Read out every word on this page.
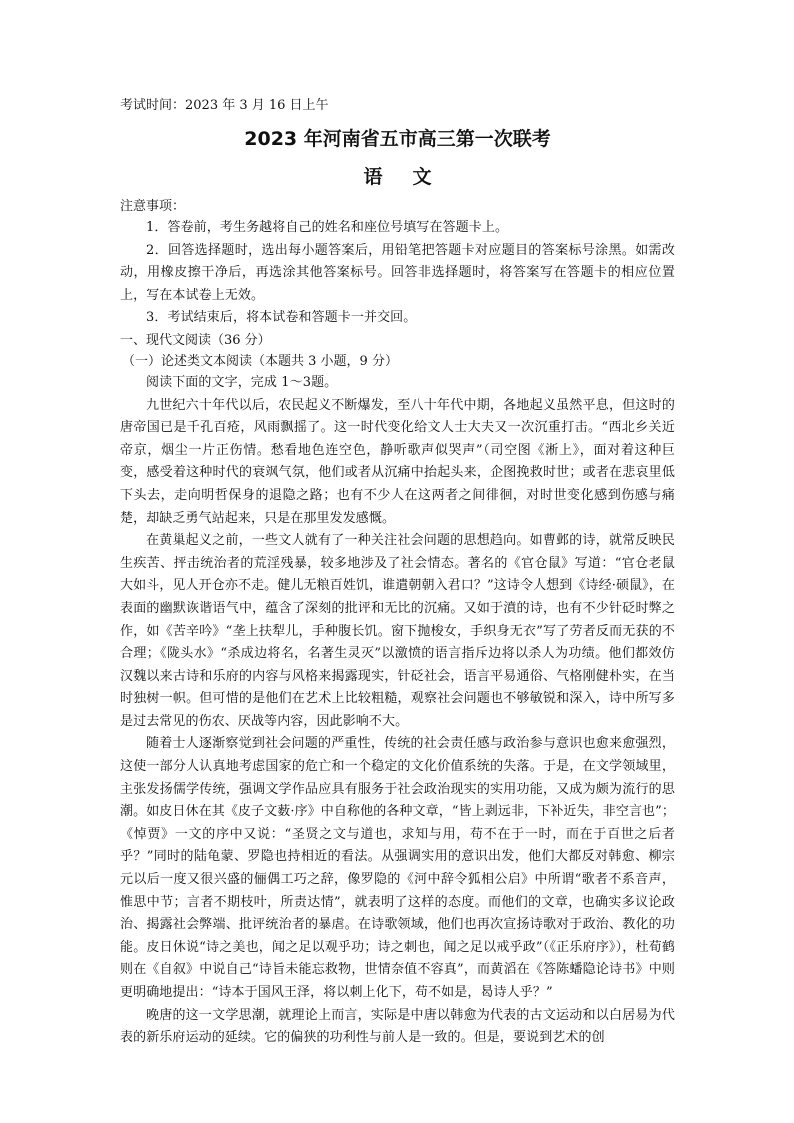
考试时间：2023 年 3 月 16 日上午

2023 年河南省五市高三第一次联考
语文

注意事项：

1．答卷前，考生务越将自己的姓名和座位号填写在答题卡上。

2．回答选择题时，选出每小题答案后，用铅笔把答题卡对应题目的答案标号涂黑。如需改动，用橡皮擦干净后，再选涂其他答案标号。回答非选择题时，将答案写在答题卡的相应位置上，写在本试卷上无效。

3．考试结束后，将本试卷和答题卡一并交回。

一、现代文阅读（36 分）

（一）论述类文本阅读（本题共 3 小题，9 分）

阅读下面的文字，完成 1～3题。

九世纪六十年代以后，农民起义不断爆发，至八十年代中期，各地起义虽然平息，但这时的唐帝国已是千孔百疮，风雨飘摇了。这一时代变化给文人士大夫又一次沉重打击。“西北乡关近帝京，烟尘一片正伤情。愁看地色连空色，静听歌声似哭声”（司空图《淅上》，面对着这种巨变，感受着这种时代的衰飒气氛，他们或者从沉痛中抬起头来，企图挽救时世；或者在悲哀里低下头去，走向明哲保身的退隐之路；也有不少人在这两者之间徘徊，对时世变化感到伤感与痛楚，却缺乏勇气站起来，只是在那里发发感慨。

在黄巢起义之前，一些文人就有了一种关注社会问题的思想趋向。如曹邺的诗，就常反映民生疾苦、抨击统治者的荒淫残暴，较多地涉及了社会情态。著名的《官仓鼠》写道：“官仓老鼠大如斗，见人开仓亦不走。健儿无粮百姓饥，谁遣朝朝入君口？”这诗令人想到《诗经·硕鼠》，在表面的幽默诙谐语气中，蕴含了深刻的批评和无比的沉痛。又如于濆的诗，也有不少针砭时弊之作，如《苦辛吟》“垄上扶犁儿，手种腹长饥。窗下抛梭女，手织身无衣”写了劳者反而无获的不合理；《陇头水》“杀成边将名，名著生灵灭”以激愤的语言指斥边将以杀人为功绩。他们都效仿汉魏以来古诗和乐府的内容与风格来揭露现实，针砭社会，语言平易通俗、气格刚健朴实，在当时独树一帜。但可惜的是他们在艺术上比较粗糙，观察社会问题也不够敏锐和深入，诗中所写多是过去常见的伤农、厌战等内容，因此影响不大。

随着士人逐渐察觉到社会问题的严重性，传统的社会责任感与政治参与意识也愈来愈强烈，这使一部分人认真地考虑国家的危亡和一个稳定的文化价值系统的失落。于是，在文学领域里，主张发扬儒学传统，强调文学作品应具有服务于社会政治现实的实用功能，又成为颇为流行的思潮。如皮日休在其《皮子文薮·序》中自称他的各种文章，“皆上剥远非，下补近失，非空言也”；《悼贾》一文的序中又说：“圣贤之文与道也，求知与用，苟不在于一时，而在于百世之后者乎？”同时的陆龟蒙、罗隐也持相近的看法。从强调实用的意识出发，他们大都反对韩愈、柳宗元以后一度又很兴盛的俪偶工巧之辞，像罗隐的《河中辞令狐相公启》中所谓“歌者不系音声，惟思中节；言者不期枝叶，所责达情”，就表明了这样的态度。而他们的文章，也确实多议论政治、揭露社会弊端、批评统治者的暴虐。在诗歌领域，他们也再次宣扬诗歌对于政治、教化的功能。皮日休说“诗之美也，闻之足以观乎功；诗之刺也，闻之足以戒乎政”（《正乐府序》），杜荀鹤则在《自叙》中说自己“诗旨未能忘救物，世情奈值不容真”，而黄滔在《答陈蟠隐论诗书》中则更明确地提出：“诗本于国风王泽，将以刺上化下，苟不如是，曷诗人乎？”

晚唐的这一文学思潮，就理论上而言，实际是中唐以韩愈为代表的古文运动和以白居易为代表的新乐府运动的延续。它的偏狭的功利性与前人是一致的。但是，要说到艺术的创
